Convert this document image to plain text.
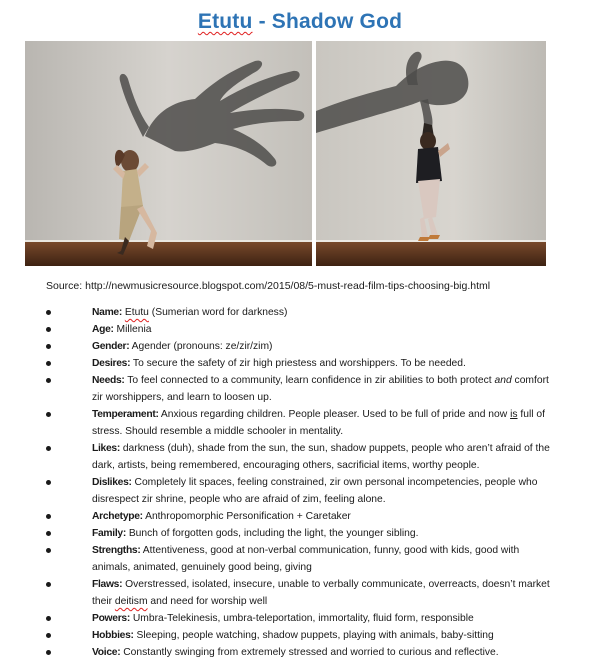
Etutu - Shadow God

Source: http://newmusicresource.blogspot.com/2015/08/5-must-read-film-tips-choosing-big.html

Name: Etutu (Sumerian word for darkness)
Age: Millenia
Gender: Agender (pronouns: ze/zir/zim)
Desires: To secure the safety of zir high priestess and worshippers. To be needed.
Needs: To feel connected to a community, learn confidence in zir abilities to both protect and comfort zir worshippers, and learn to loosen up.
Temperament: Anxious regarding children. People pleaser. Used to be full of pride and now is full of stress. Should resemble a middle schooler in mentality.
Likes: darkness (duh), shade from the sun, the sun, shadow puppets, people who aren’t afraid of the dark, artists, being remembered, encouraging others, sacrificial items, worthy people.
Dislikes: Completely lit spaces, feeling constrained, zir own personal incompetencies, people who disrespect zir shrine, people who are afraid of zim, feeling alone.
Archetype: Anthropomorphic Personification + Caretaker
Family: Bunch of forgotten gods, including the light, the younger sibling.
Strengths: Attentiveness, good at non-verbal communication, funny, good with kids, good with animals, animated, genuinely good being, giving
Flaws: Overstressed, isolated, insecure, unable to verbally communicate, overreacts, doesn’t market their deitism and need for worship well
Powers: Umbra-Telekinesis, umbra-teleportation, immortality, fluid form, responsible
Hobbies: Sleeping, people watching, shadow puppets, playing with animals, baby-sitting
Voice: Constantly swinging from extremely stressed and worried to curious and reflective.
